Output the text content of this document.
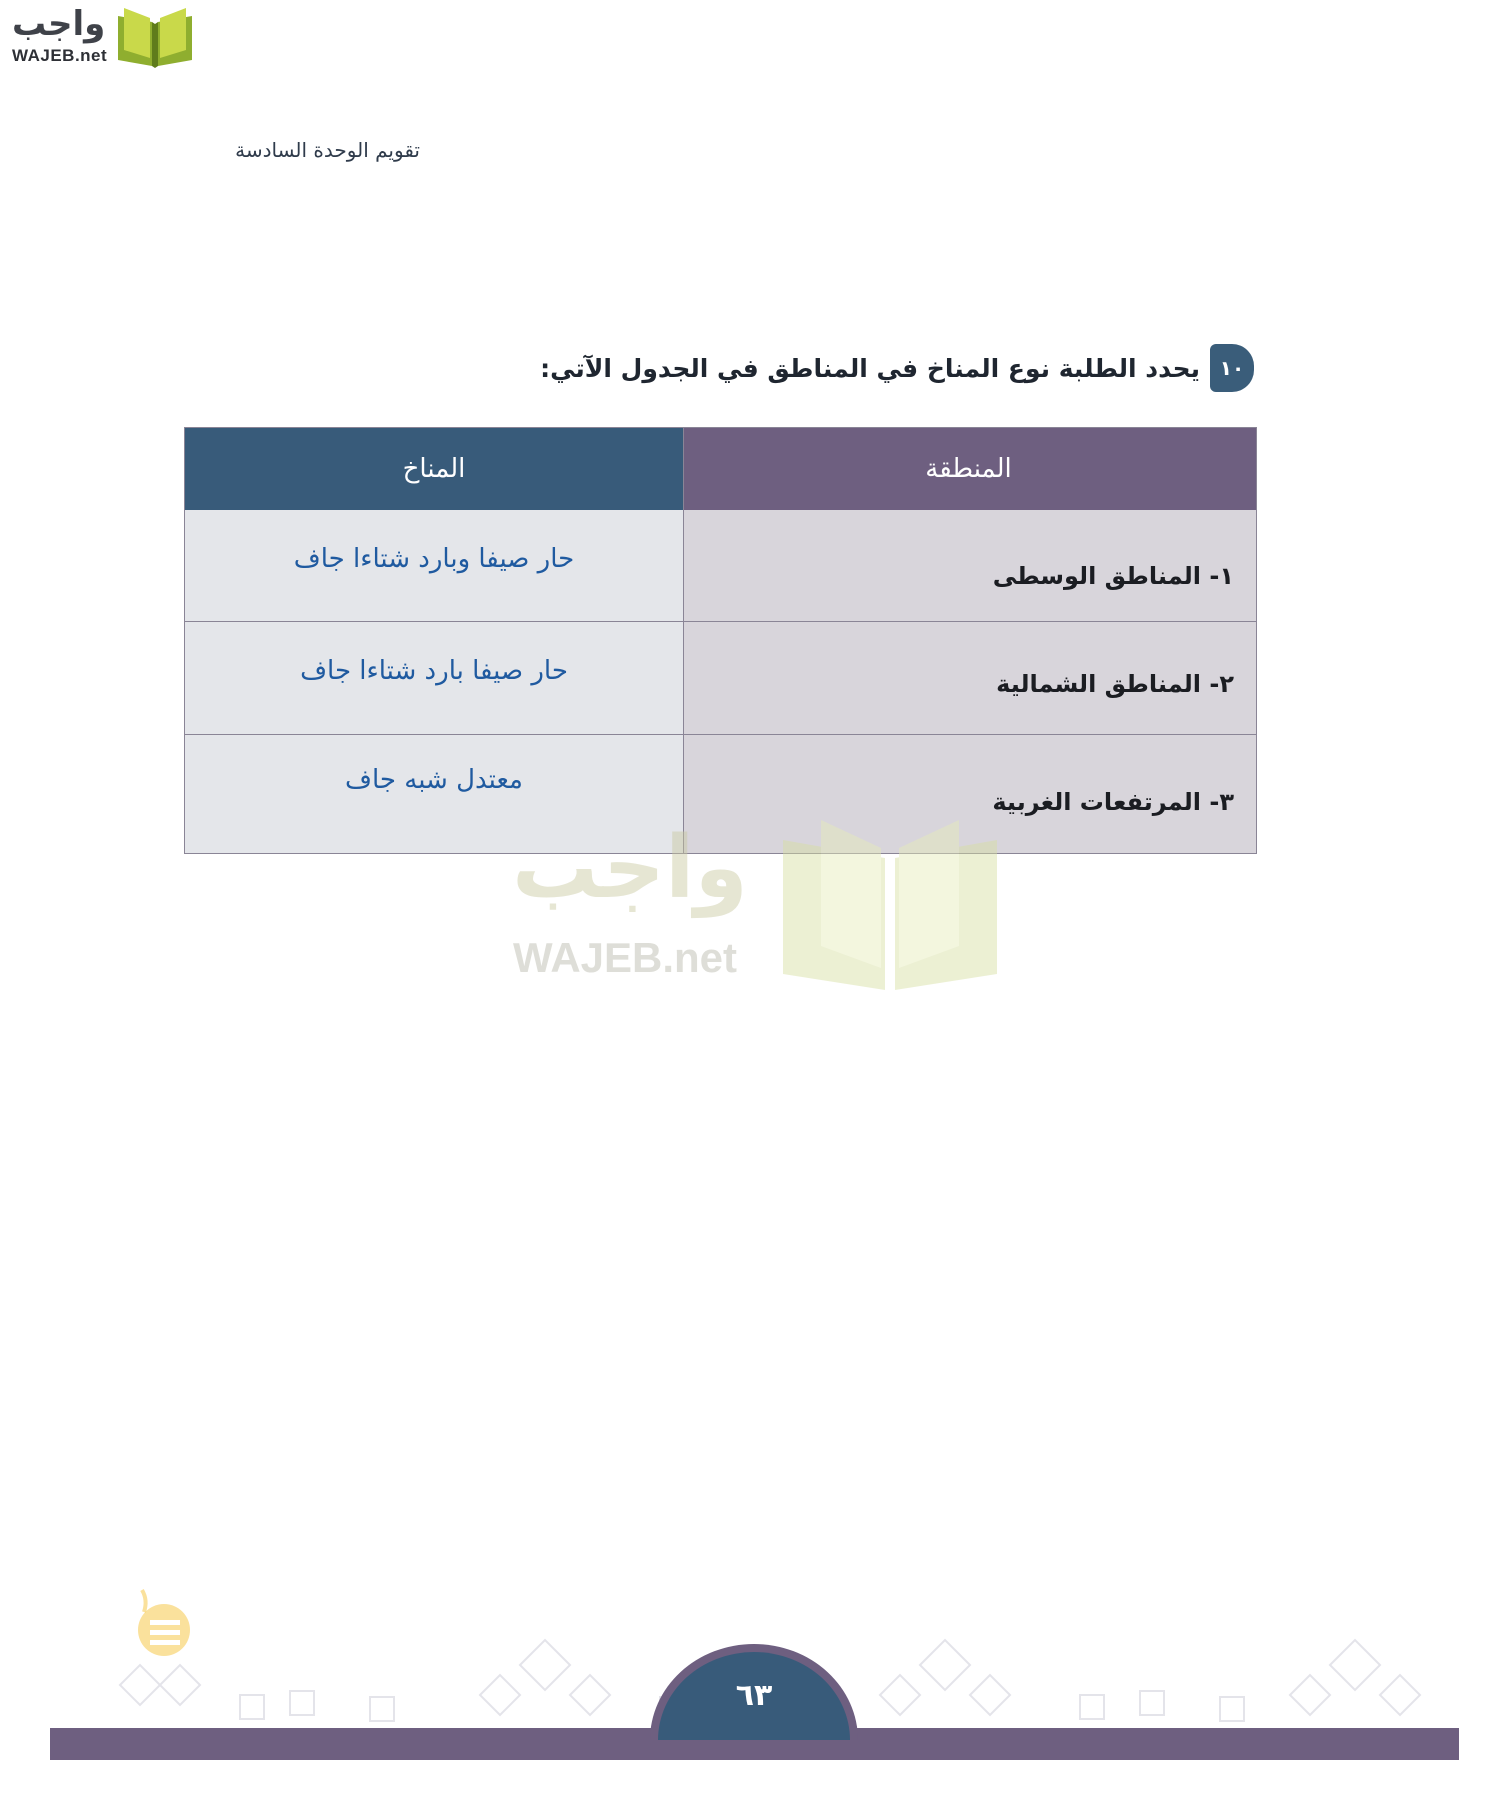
واجب
WAJEB.net
تقويم الوحدة السادسة
١٠
يحدد الطلبة نوع المناخ في المناطق في الجدول الآتي:
المنطقة
المناخ
١- المناطق الوسطى
حار صيفا وبارد شتاءا جاف
٢- المناطق الشمالية
حار صيفا بارد شتاءا جاف
٣- المرتفعات الغربية
معتدل شبه جاف
واجب
WAJEB.net
٦٣
